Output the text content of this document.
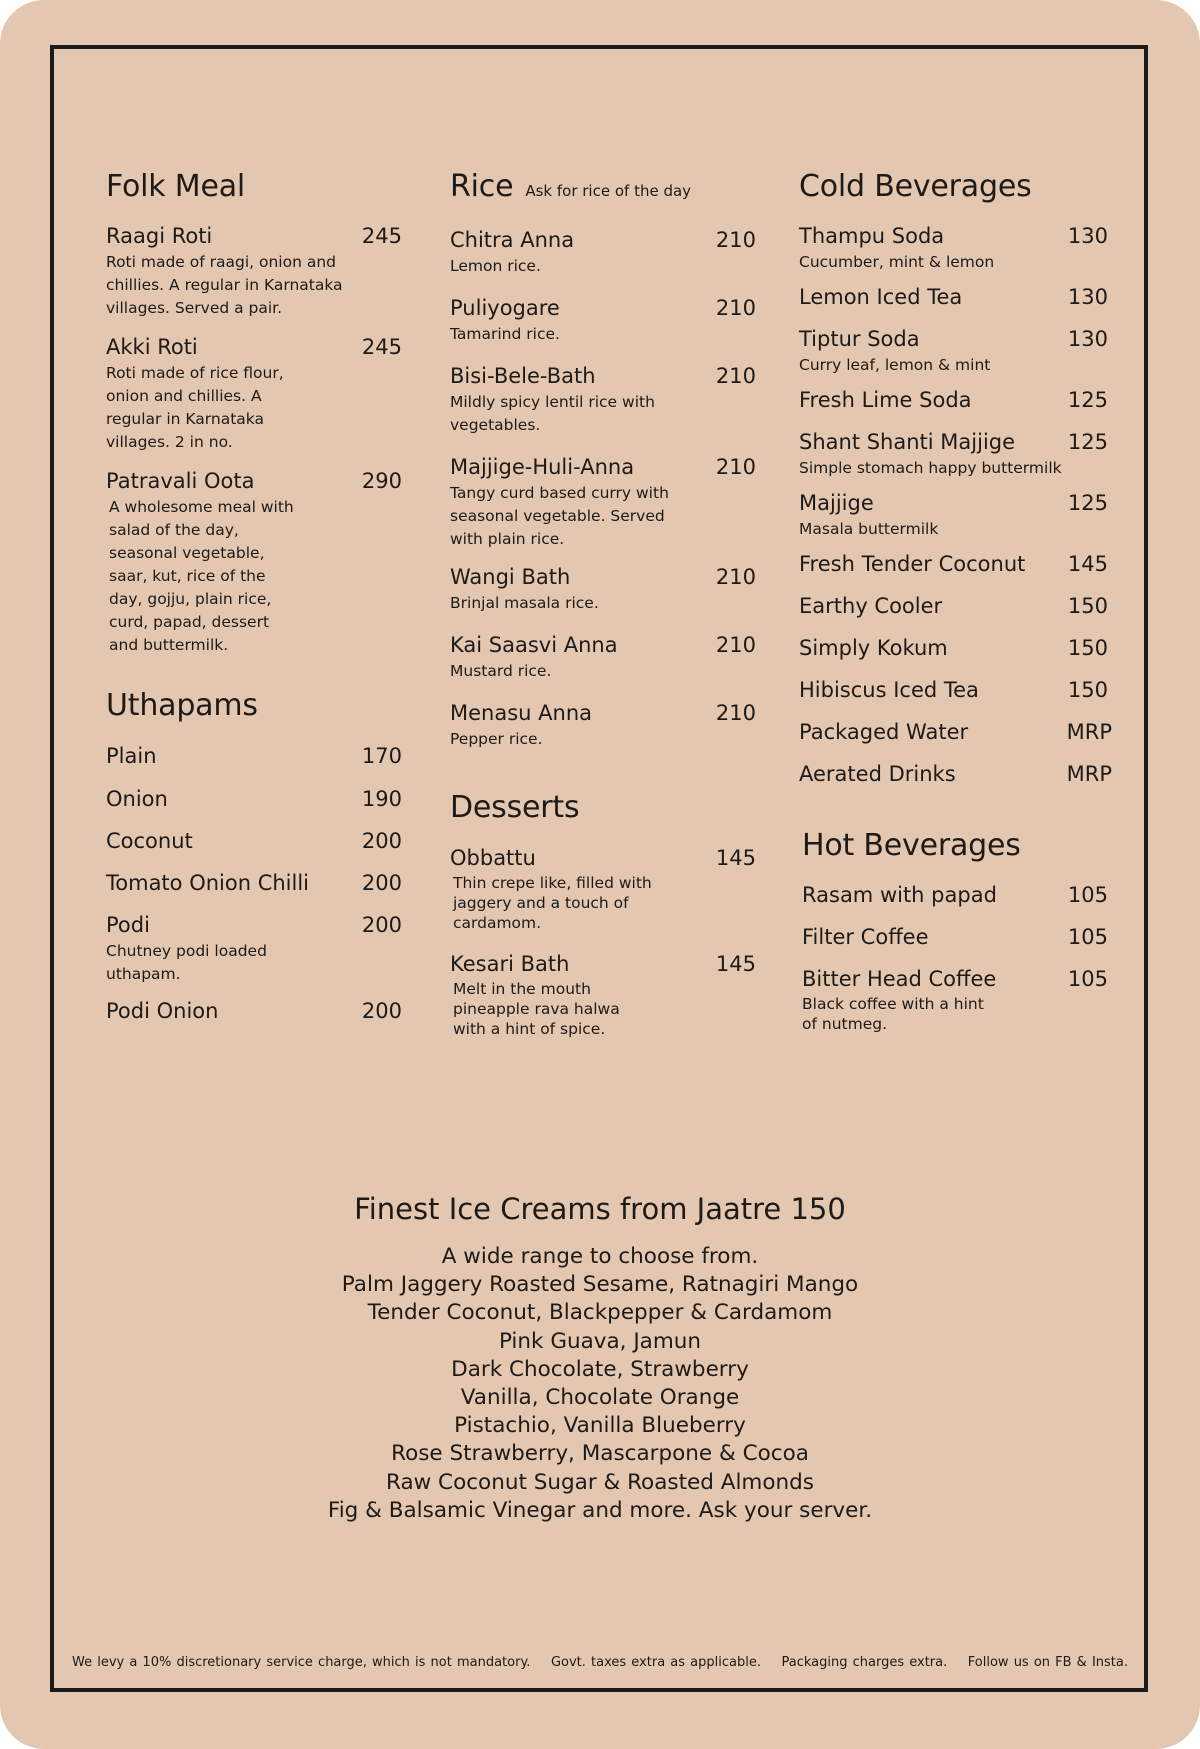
Folk Meal
Raagi Roti	245
Roti made of raagi, onion and chillies. A regular in Karnataka villages. Served a pair.
Akki Roti	245
Roti made of rice flour, onion and chillies. A regular in Karnataka villages. 2 in no.
Patravali Oota	290
A wholesome meal with salad of the day, seasonal vegetable, saar, kut, rice of the day, gojju, plain rice, curd, papad, dessert and buttermilk.
Uthapams
Plain	170
Onion	190
Coconut	200
Tomato Onion Chilli	200
Podi	200
Chutney podi loaded uthapam.
Podi Onion	200
Rice Ask for rice of the day
Chitra Anna	210
Lemon rice.
Puliyogare	210
Tamarind rice.
Bisi-Bele-Bath	210
Mildly spicy lentil rice with vegetables.
Majjige-Huli-Anna	210
Tangy curd based curry with seasonal vegetable. Served with plain rice.
Wangi Bath	210
Brinjal masala rice.
Kai Saasvi Anna	210
Mustard rice.
Menasu Anna	210
Pepper rice.
Desserts
Obbattu	145
Thin crepe like, filled with jaggery and a touch of cardamom.
Kesari Bath	145
Melt in the mouth pineapple rava halwa with a hint of spice.
Cold Beverages
Thampu Soda	130
Cucumber, mint & lemon
Lemon Iced Tea	130
Tiptur Soda	130
Curry leaf, lemon & mint
Fresh Lime Soda	125
Shant Shanti Majjige	125
Simple stomach happy buttermilk
Majjige	125
Masala buttermilk
Fresh Tender Coconut 145
Earthy Cooler	150
Simply Kokum	150
Hibiscus Iced Tea	150
Packaged Water	MRP
Aerated Drinks	MRP
Hot Beverages
Rasam with papad	105
Filter Coffee	105
Bitter Head Coffee	105
Black coffee with a hint of nutmeg.
Finest Ice Creams from Jaatre 150
A wide range to choose from.
Palm Jaggery Roasted Sesame, Ratnagiri Mango
Tender Coconut, Blackpepper & Cardamom
Pink Guava, Jamun
Dark Chocolate, Strawberry
Vanilla, Chocolate Orange
Pistachio, Vanilla Blueberry
Rose Strawberry, Mascarpone & Cocoa
Raw Coconut Sugar & Roasted Almonds
Fig & Balsamic Vinegar and more. Ask your server.
We levy a 10% discretionary service charge, which is not mandatory.    Govt. taxes extra as applicable.    Packaging charges extra.    Follow us on FB & Insta.
